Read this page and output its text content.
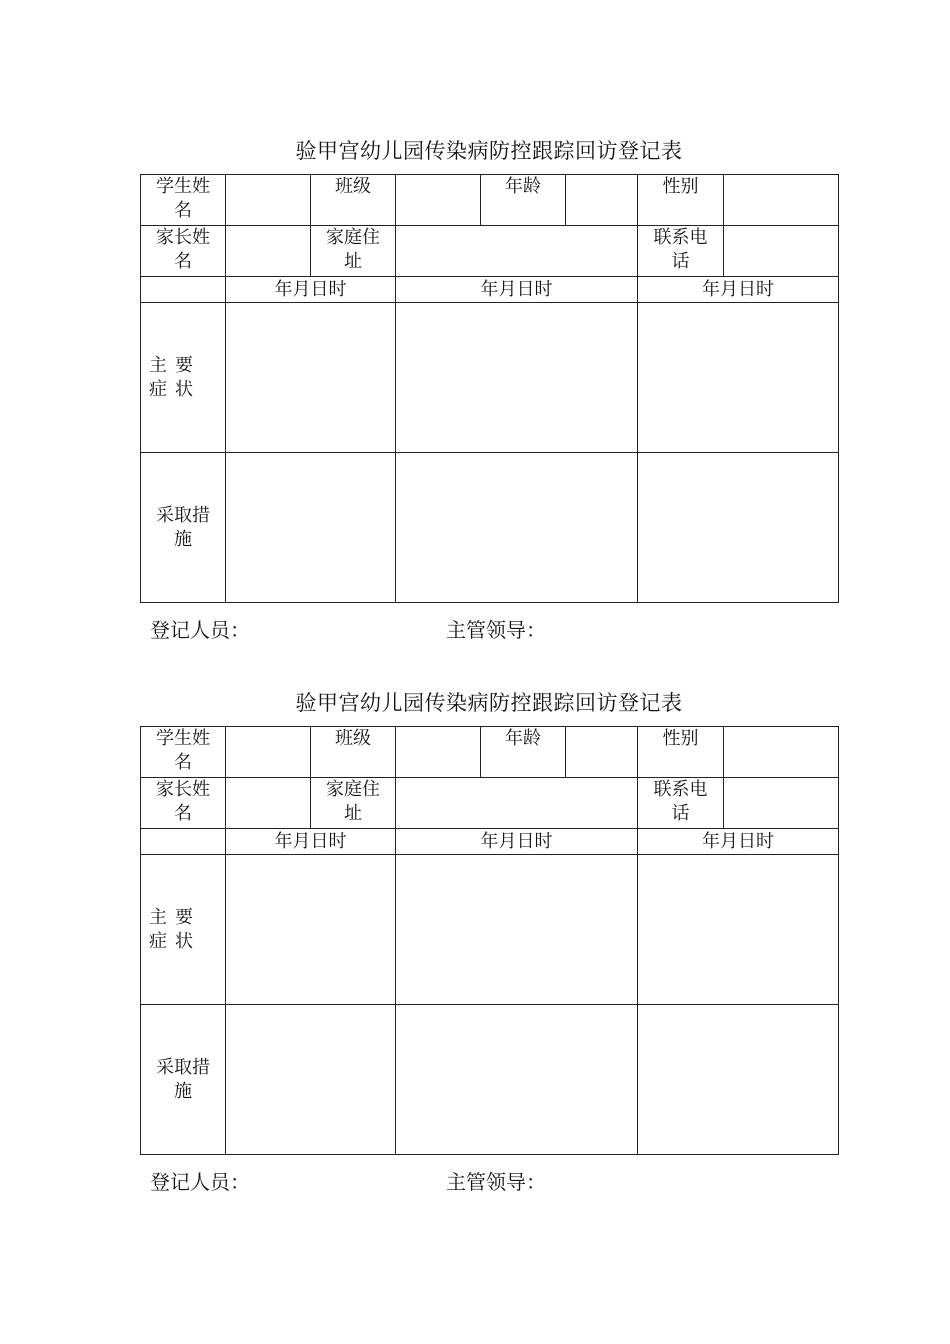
验甲宫幼儿园传染病防控跟踪回访登记表
学生姓名		班级		年龄		性别	
家长姓名		家庭住址				联系电话	
	年月日时		年月日时			年月日时	
主要症状							
采取措施							
登记人员：	主管领导：
验甲宫幼儿园传染病防控跟踪回访登记表
学生姓名		班级		年龄		性别	
家长姓名		家庭住址				联系电话	
	年月日时		年月日时			年月日时	
主要症状							
采取措施							
登记人员：	主管领导：
